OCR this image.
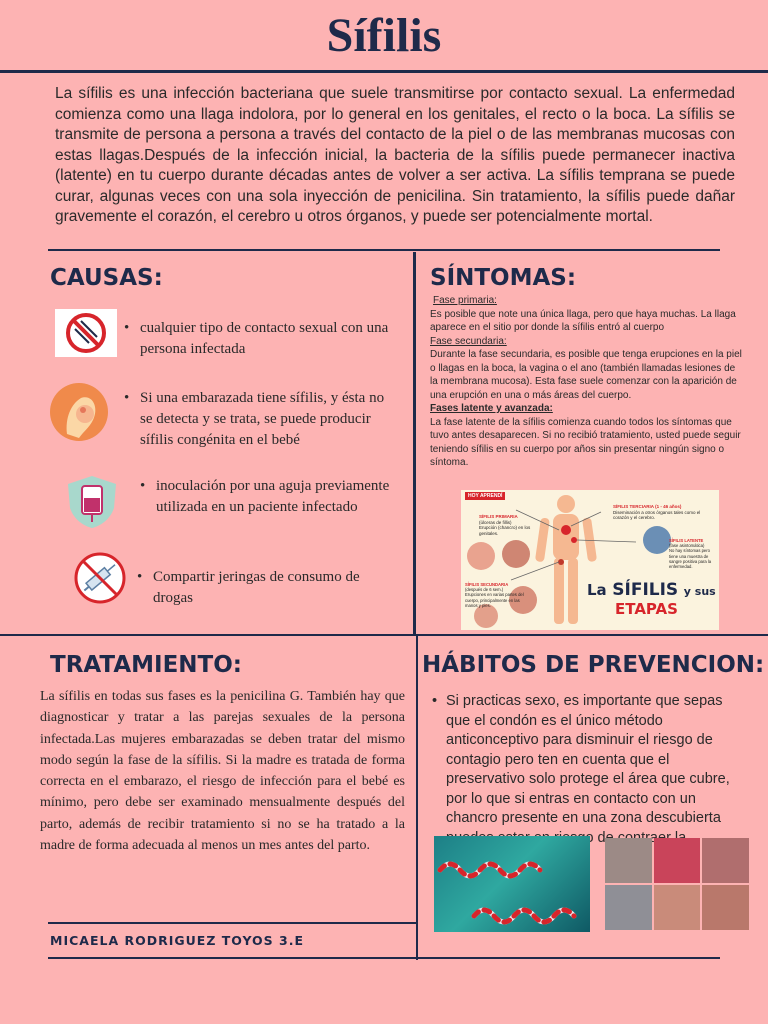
Sífilis

La sífilis es una infección bacteriana que suele transmitirse por contacto sexual. La enfermedad comienza como una llaga indolora, por lo general en los genitales, el recto o la boca. La sífilis se transmite de persona a persona a través del contacto de la piel o de las membranas mucosas con estas llagas.Después de la infección inicial, la bacteria de la sífilis puede permanecer inactiva (latente) en tu cuerpo durante décadas antes de volver a ser activa. La sífilis temprana se puede curar, algunas veces con una sola inyección de penicilina. Sin tratamiento, la sífilis puede dañar gravemente el corazón, el cerebro u otros órganos, y puede ser potencialmente mortal.

CAUSAS:
• cualquier tipo de contacto sexual con una persona infectada
• Si una embarazada tiene sífilis, y ésta no se detecta y se trata, se puede producir sífilis congénita en el bebé
• inoculación por una aguja previamente utilizada en un paciente infectado
• Compartir jeringas de consumo de drogas
SÍNTOMAS:
Fase primaria:
Es posible que note una única llaga, pero que haya muchas. La llaga aparece en el sitio por donde la sífilis entró al cuerpo
Fase secundaria:
Durante la fase secundaria, es posible que tenga erupciones en la piel o llagas en la boca, la vagina o el ano (también llamadas lesiones de la membrana mucosa). Esta fase suele comenzar con la aparición de una erupción en una o más áreas del cuerpo.
Fases latente y avanzada:
La fase latente de la sífilis comienza cuando todos los síntomas que tuvo antes desaparecen. Si no recibió tratamiento, usted puede seguir teniendo sífilis en su cuerpo por años sin presentar ningún signo o síntoma.
HOY APRENDÍ
SÍFILIS PRIMARIA
(úlceras de fillis)
Erupción (chancro) en los genitales.
SÍFILIS TERCIARIA (1 - 46 años)
Diseminación a otros órganos tales como el corazón y el cerebro.
SÍFILIS LATENTE
(fase asintomática)
No hay síntomas pero tiene una muestra de sangre positiva para la enfermedad.
SÍFILIS SECUNDARIA
(después de 6 sem.)
Erupciones en varias partes del cuerpo, principalmente en las manos y pies.
La SÍFILIS y sus
ETAPAS
TRATAMIENTO:

La sífilis en todas sus fases es la penicilina G. También hay que diagnosticar y tratar a las parejas sexuales de la persona infectada.Las mujeres embarazadas se deben tratar del mismo modo según la fase de la sífilis. Si la madre es tratada de forma correcta en el embarazo, el riesgo de infección para el bebé es mínimo, pero debe ser examinado mensualmente después del parto, además de recibir tratamiento si no se ha tratado a la madre de forma adecuada al menos un mes antes del parto.

MICAELA RODRIGUEZ TOYOS 3.E
HÁBITOS DE PREVENCION:

• Si practicas sexo, es importante que sepas que el condón es el único método anticonceptivo para disminuir el riesgo de contagio pero ten en cuenta que el preservativo solo protege el área que cubre, por lo que si entras en contacto con un chancro presente en una zona descubierta
